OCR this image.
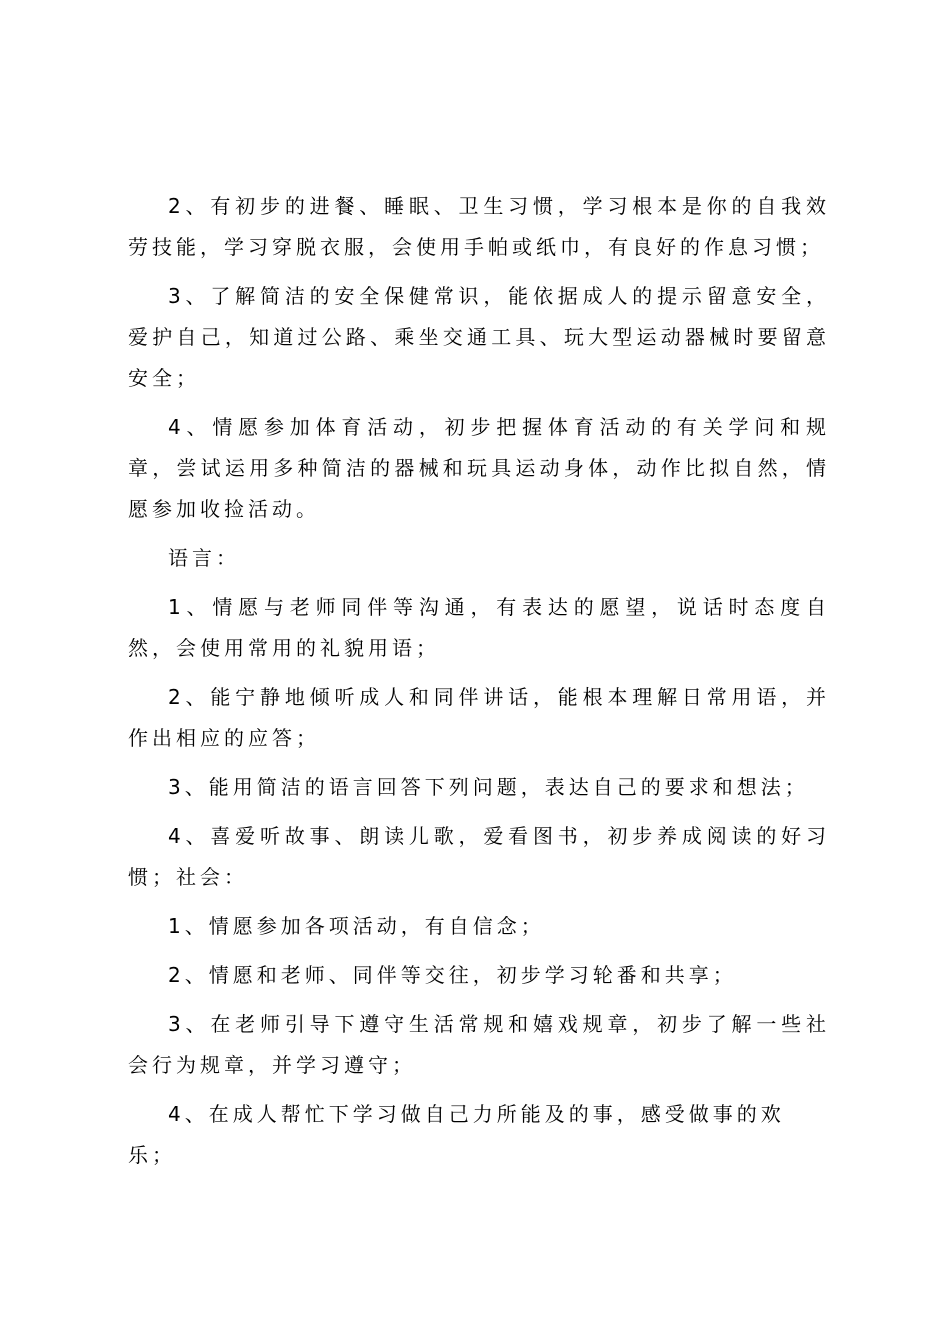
2、有初步的进餐、睡眠、卫生习惯，学习根本是你的自我效劳技能，学习穿脱衣服，会使用手帕或纸巾，有良好的作息习惯；

3、了解简洁的安全保健常识，能依据成人的提示留意安全，爱护自己，知道过公路、乘坐交通工具、玩大型运动器械时要留意安全；

4、情愿参加体育活动，初步把握体育活动的有关学问和规章，尝试运用多种简洁的器械和玩具运动身体，动作比拟自然，情愿参加收捡活动。

语言：

1、情愿与老师同伴等沟通，有表达的愿望，说话时态度自然，会使用常用的礼貌用语；

2、能宁静地倾听成人和同伴讲话，能根本理解日常用语，并作出相应的应答；

3、能用简洁的语言回答下列问题，表达自己的要求和想法；

4、喜爱听故事、朗读儿歌，爱看图书，初步养成阅读的好习惯；社会：

1、情愿参加各项活动，有自信念；

2、情愿和老师、同伴等交往，初步学习轮番和共享；

3、在老师引导下遵守生活常规和嬉戏规章，初步了解一些社会行为规章，并学习遵守；

4、在成人帮忙下学习做自己力所能及的事，感受做事的欢乐；
